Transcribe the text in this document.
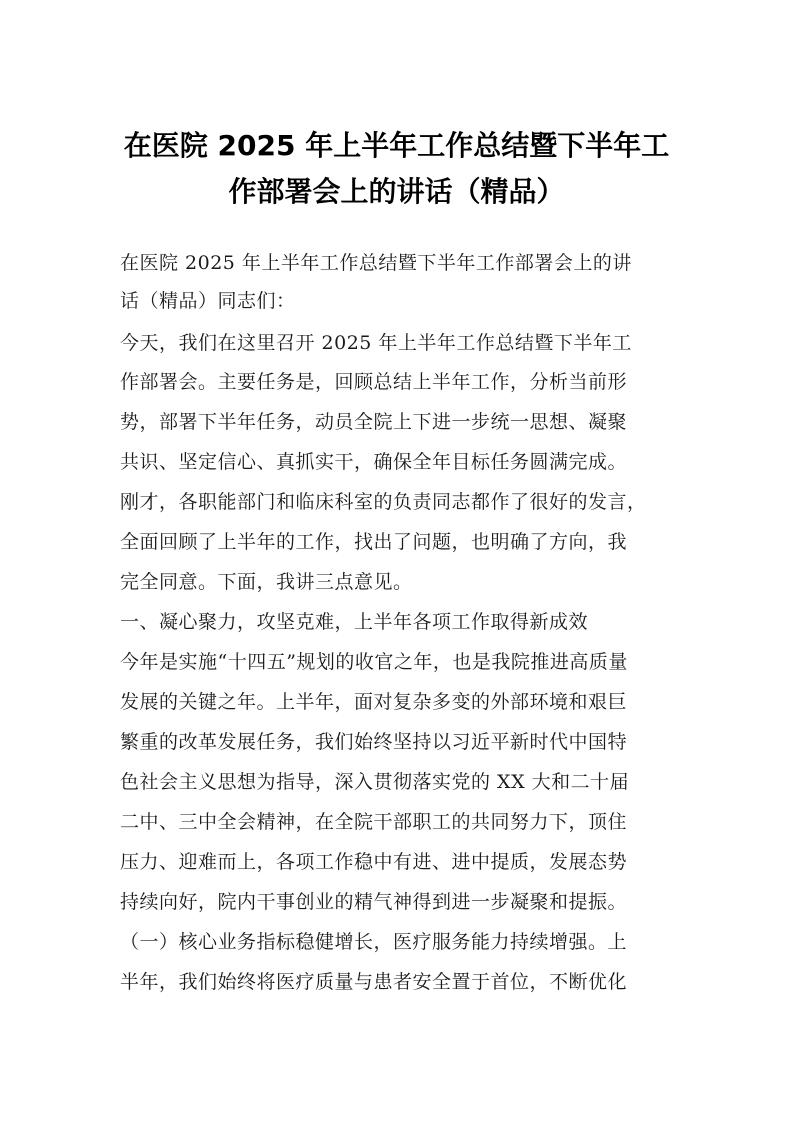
在医院 2025 年上半年工作总结暨下半年工
作部署会上的讲话（精品）
在医院 2025 年上半年工作总结暨下半年工作部署会上的讲
话（精品）同志们：
今天，我们在这里召开 2025 年上半年工作总结暨下半年工
作部署会。主要任务是，回顾总结上半年工作，分析当前形
势，部署下半年任务，动员全院上下进一步统一思想、凝聚
共识、坚定信心、真抓实干，确保全年目标任务圆满完成。
刚才，各职能部门和临床科室的负责同志都作了很好的发言，
全面回顾了上半年的工作，找出了问题，也明确了方向，我
完全同意。下面，我讲三点意见。
一、凝心聚力，攻坚克难，上半年各项工作取得新成效
今年是实施“十四五”规划的收官之年，也是我院推进高质量
发展的关键之年。上半年，面对复杂多变的外部环境和艰巨
繁重的改革发展任务，我们始终坚持以习近平新时代中国特
色社会主义思想为指导，深入贯彻落实党的 XX 大和二十届
二中、三中全会精神，在全院干部职工的共同努力下，顶住
压力、迎难而上，各项工作稳中有进、进中提质，发展态势
持续向好，院内干事创业的精气神得到进一步凝聚和提振。
（一）核心业务指标稳健增长，医疗服务能力持续增强。上
半年，我们始终将医疗质量与患者安全置于首位，不断优化
